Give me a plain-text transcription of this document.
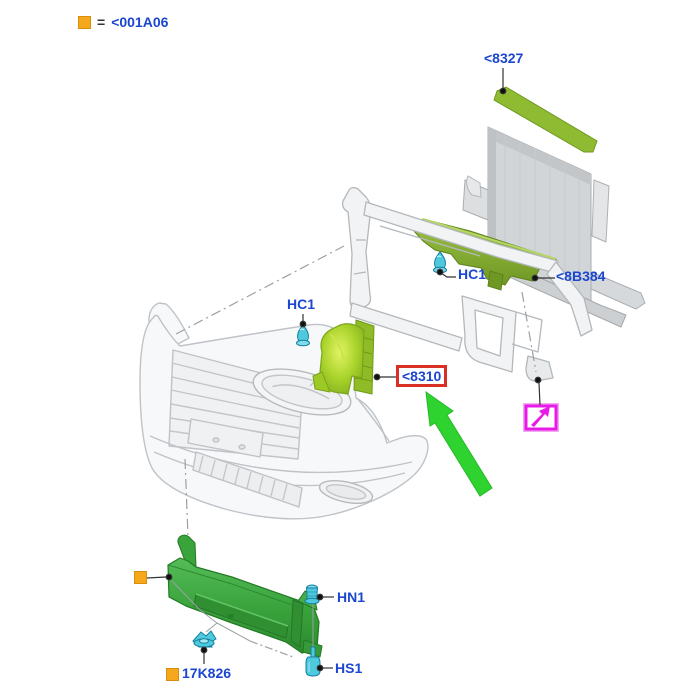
= <001A06
<8327
HC1	<8B384
HC1
<8310
HN1
17K826	HS1
